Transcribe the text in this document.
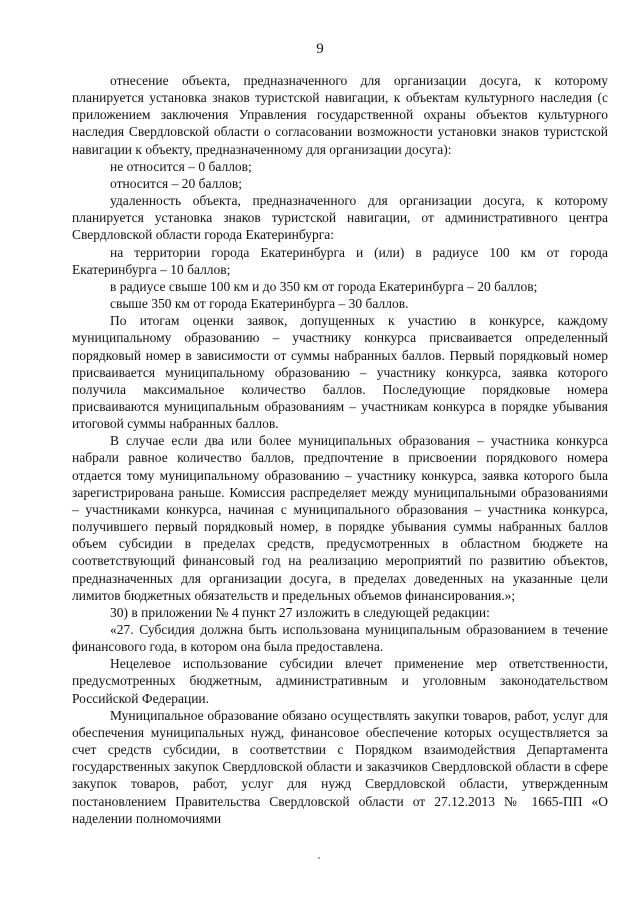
9

отнесение объекта, предназначенного для организации досуга, к которому планируется установка знаков туристской навигации, к объектам культурного наследия (с приложением заключения Управления государственной охраны объектов культурного наследия Свердловской области о согласовании возможности установки знаков туристской навигации к объекту, предназначенному для организации досуга):

не относится – 0 баллов;

относится – 20 баллов;

удаленность объекта, предназначенного для организации досуга, к которому планируется установка знаков туристской навигации, от административного центра Свердловской области города Екатеринбурга:

на территории города Екатеринбурга и (или) в радиусе 100 км от города Екатеринбурга – 10 баллов;

в радиусе свыше 100 км и до 350 км от города Екатеринбурга – 20 баллов;

свыше 350 км от города Екатеринбурга – 30 баллов.

По итогам оценки заявок, допущенных к участию в конкурсе, каждому муниципальному образованию – участнику конкурса присваивается определенный порядковый номер в зависимости от суммы набранных баллов. Первый порядковый номер присваивается муниципальному образованию – участнику конкурса, заявка которого получила максимальное количество баллов. Последующие порядковые номера присваиваются муниципальным образованиям – участникам конкурса в порядке убывания итоговой суммы набранных баллов.

В случае если два или более муниципальных образования – участника конкурса набрали равное количество баллов, предпочтение в присвоении порядкового номера отдается тому муниципальному образованию – участнику конкурса, заявка которого была зарегистрирована раньше. Комиссия распределяет между муниципальными образованиями – участниками конкурса, начиная с муниципального образования – участника конкурса, получившего первый порядковый номер, в порядке убывания суммы набранных баллов объем субсидии в пределах средств, предусмотренных в областном бюджете на соответствующий финансовый год на реализацию мероприятий по развитию объектов, предназначенных для организации досуга, в пределах доведенных на указанные цели лимитов бюджетных обязательств и предельных объемов финансирования.»;

30) в приложении № 4 пункт 27 изложить в следующей редакции:

«27. Субсидия должна быть использована муниципальным образованием в течение финансового года, в котором она была предоставлена.

Нецелевое использование субсидии влечет применение мер ответственности, предусмотренных бюджетным, административным и уголовным законодательством Российской Федерации.

Муниципальное образование обязано осуществлять закупки товаров, работ, услуг для обеспечения муниципальных нужд, финансовое обеспечение которых осуществляется за счет средств субсидии, в соответствии с Порядком взаимодействия Департамента государственных закупок Свердловской области и заказчиков Свердловской области в сфере закупок товаров, работ, услуг для нужд Свердловской области, утвержденным постановлением Правительства Свердловской области от 27.12.2013 № 1665-ПП «О наделении полномочиями
